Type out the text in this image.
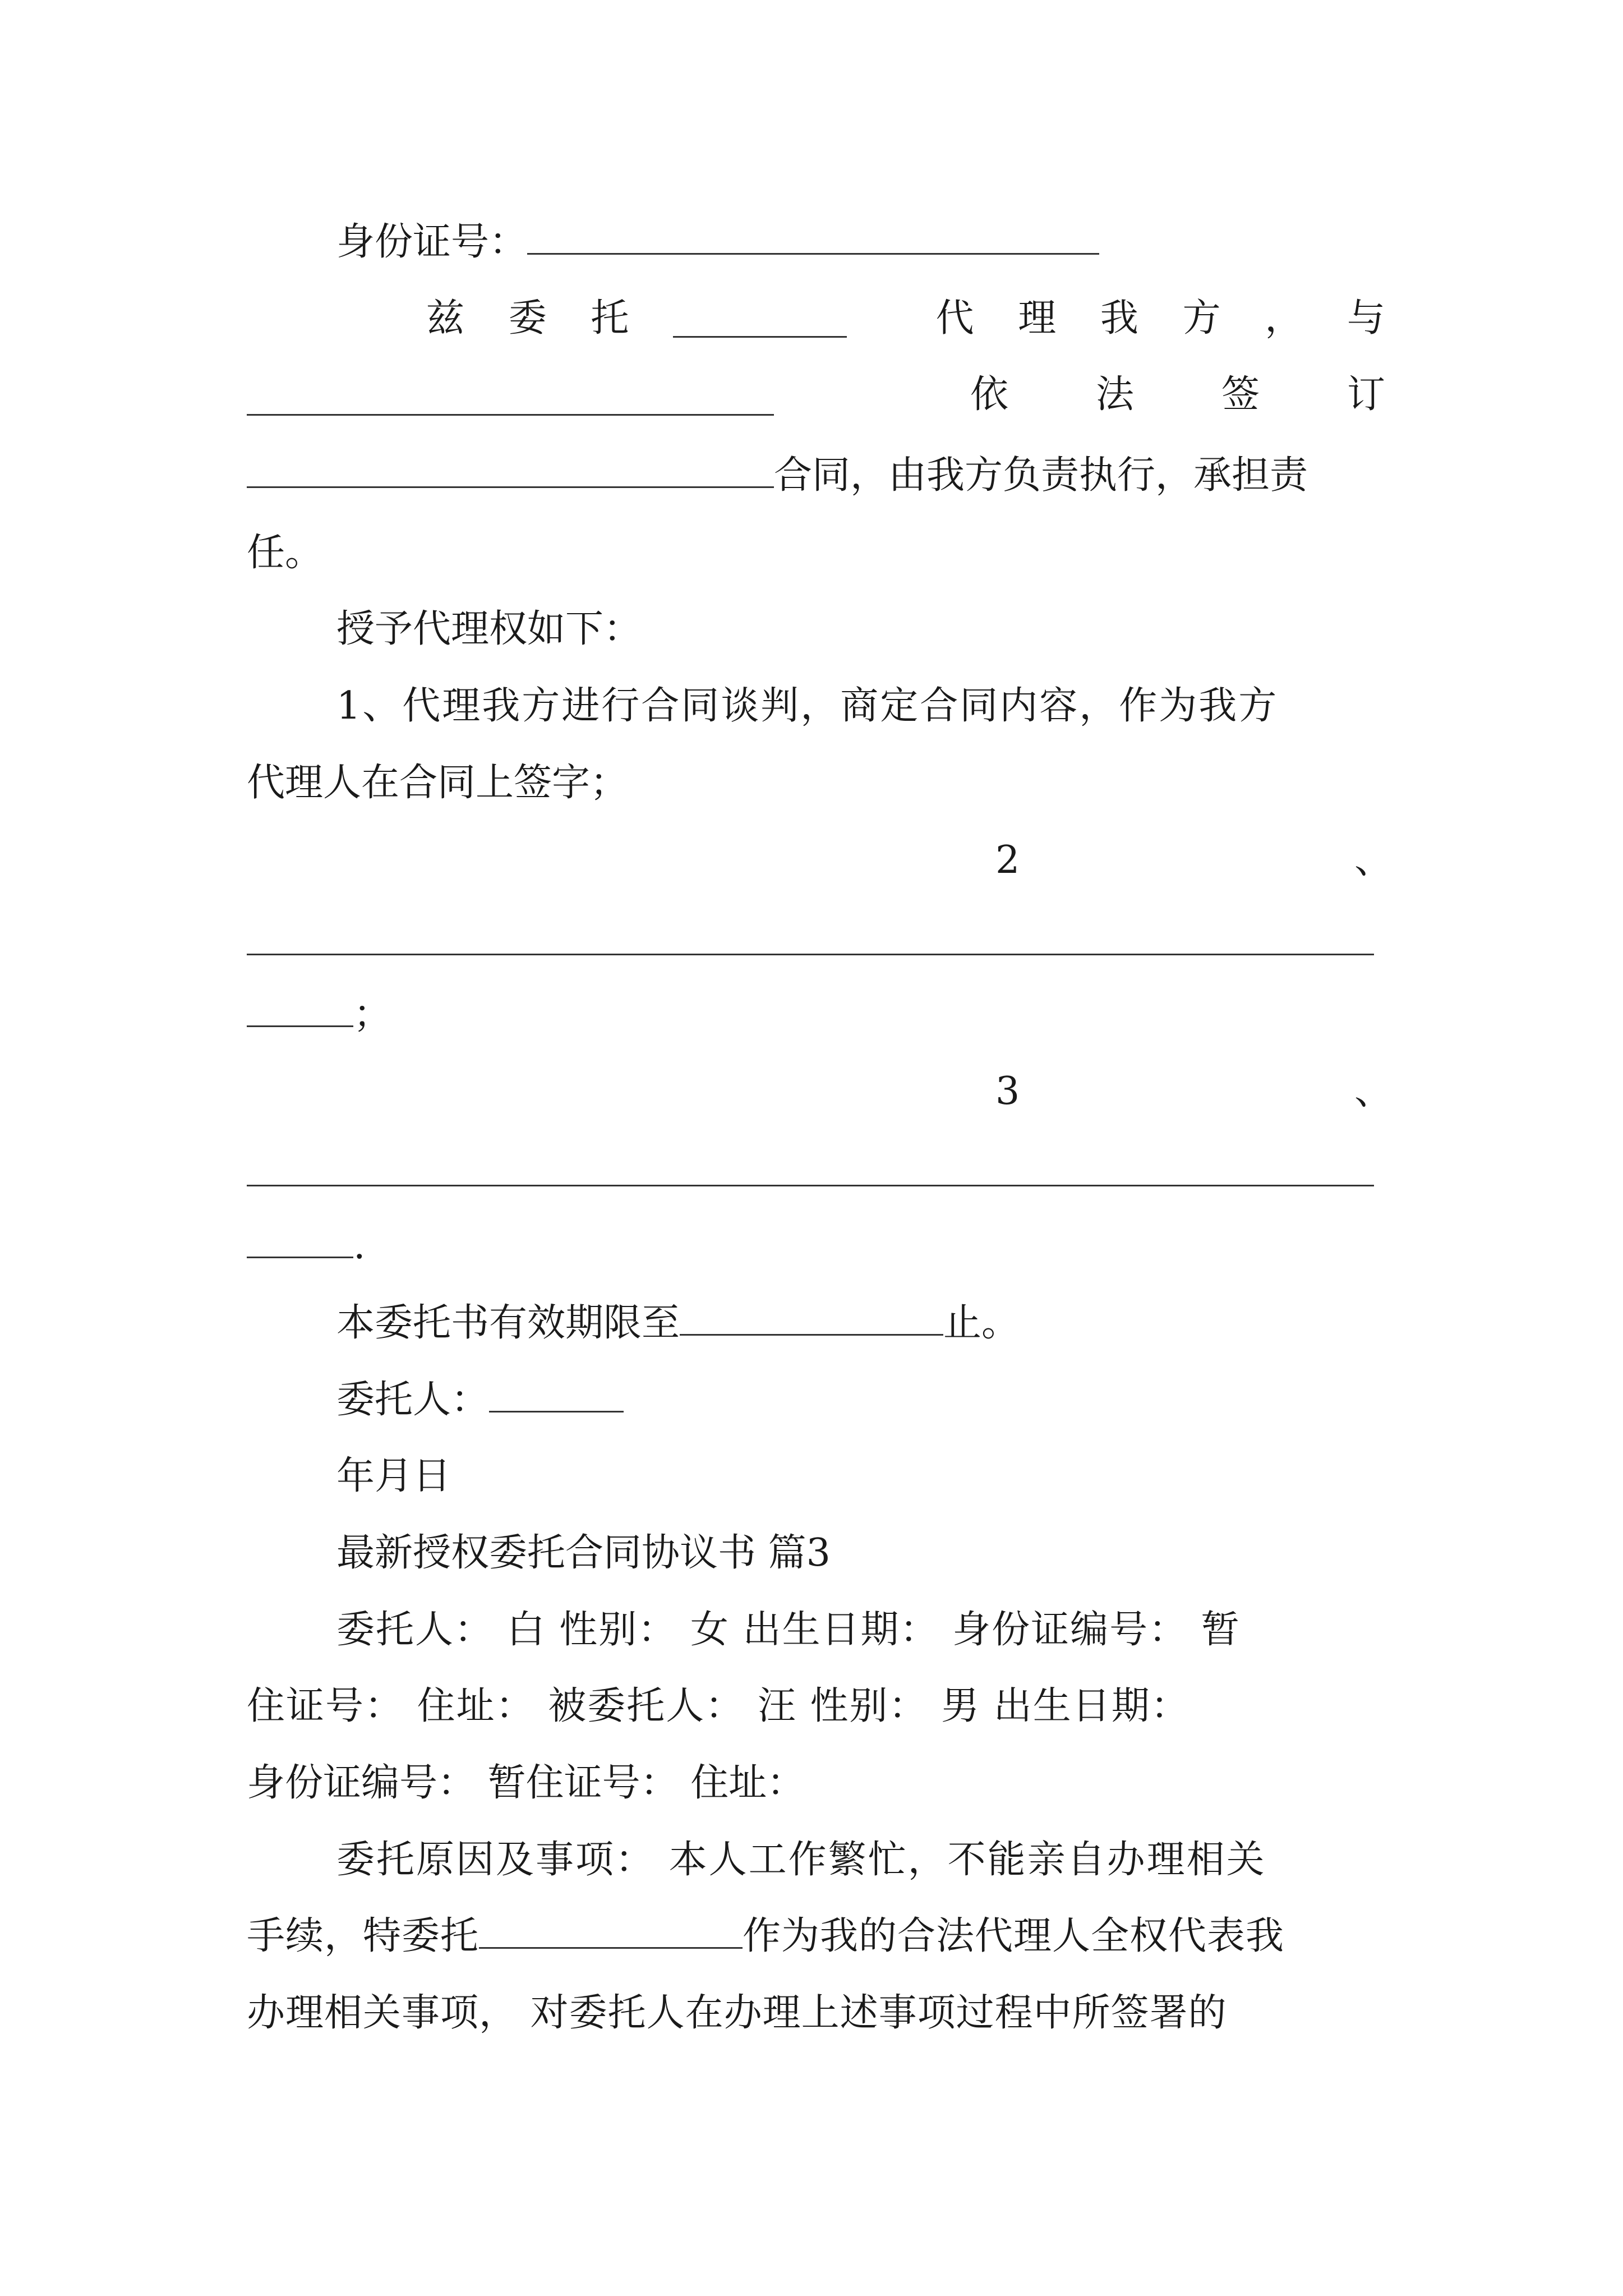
身份证号：
兹 委 托	代 理 我 方 ， 与
依 法 签 订
合同，由我方负责执行，承担责
任。
授予代理权如下：
1、代理我方进行合同谈判，商定合同内容，作为我方
代理人在合同上签字；
2	、
；
3	、
.
本委托书有效期限至	止。
委托人：
年月日
最新授权委托合同协议书 篇3
委托人： 白 性别： 女 出生日期： 身份证编号： 暂
住证号： 住址： 被委托人： 汪 性别： 男 出生日期：
身份证编号： 暂住证号： 住址：
委托原因及事项： 本人工作繁忙，不能亲自办理相关
手续，特委托	作为我的合法代理人全权代表我
办理相关事项， 对委托人在办理上述事项过程中所签署的
